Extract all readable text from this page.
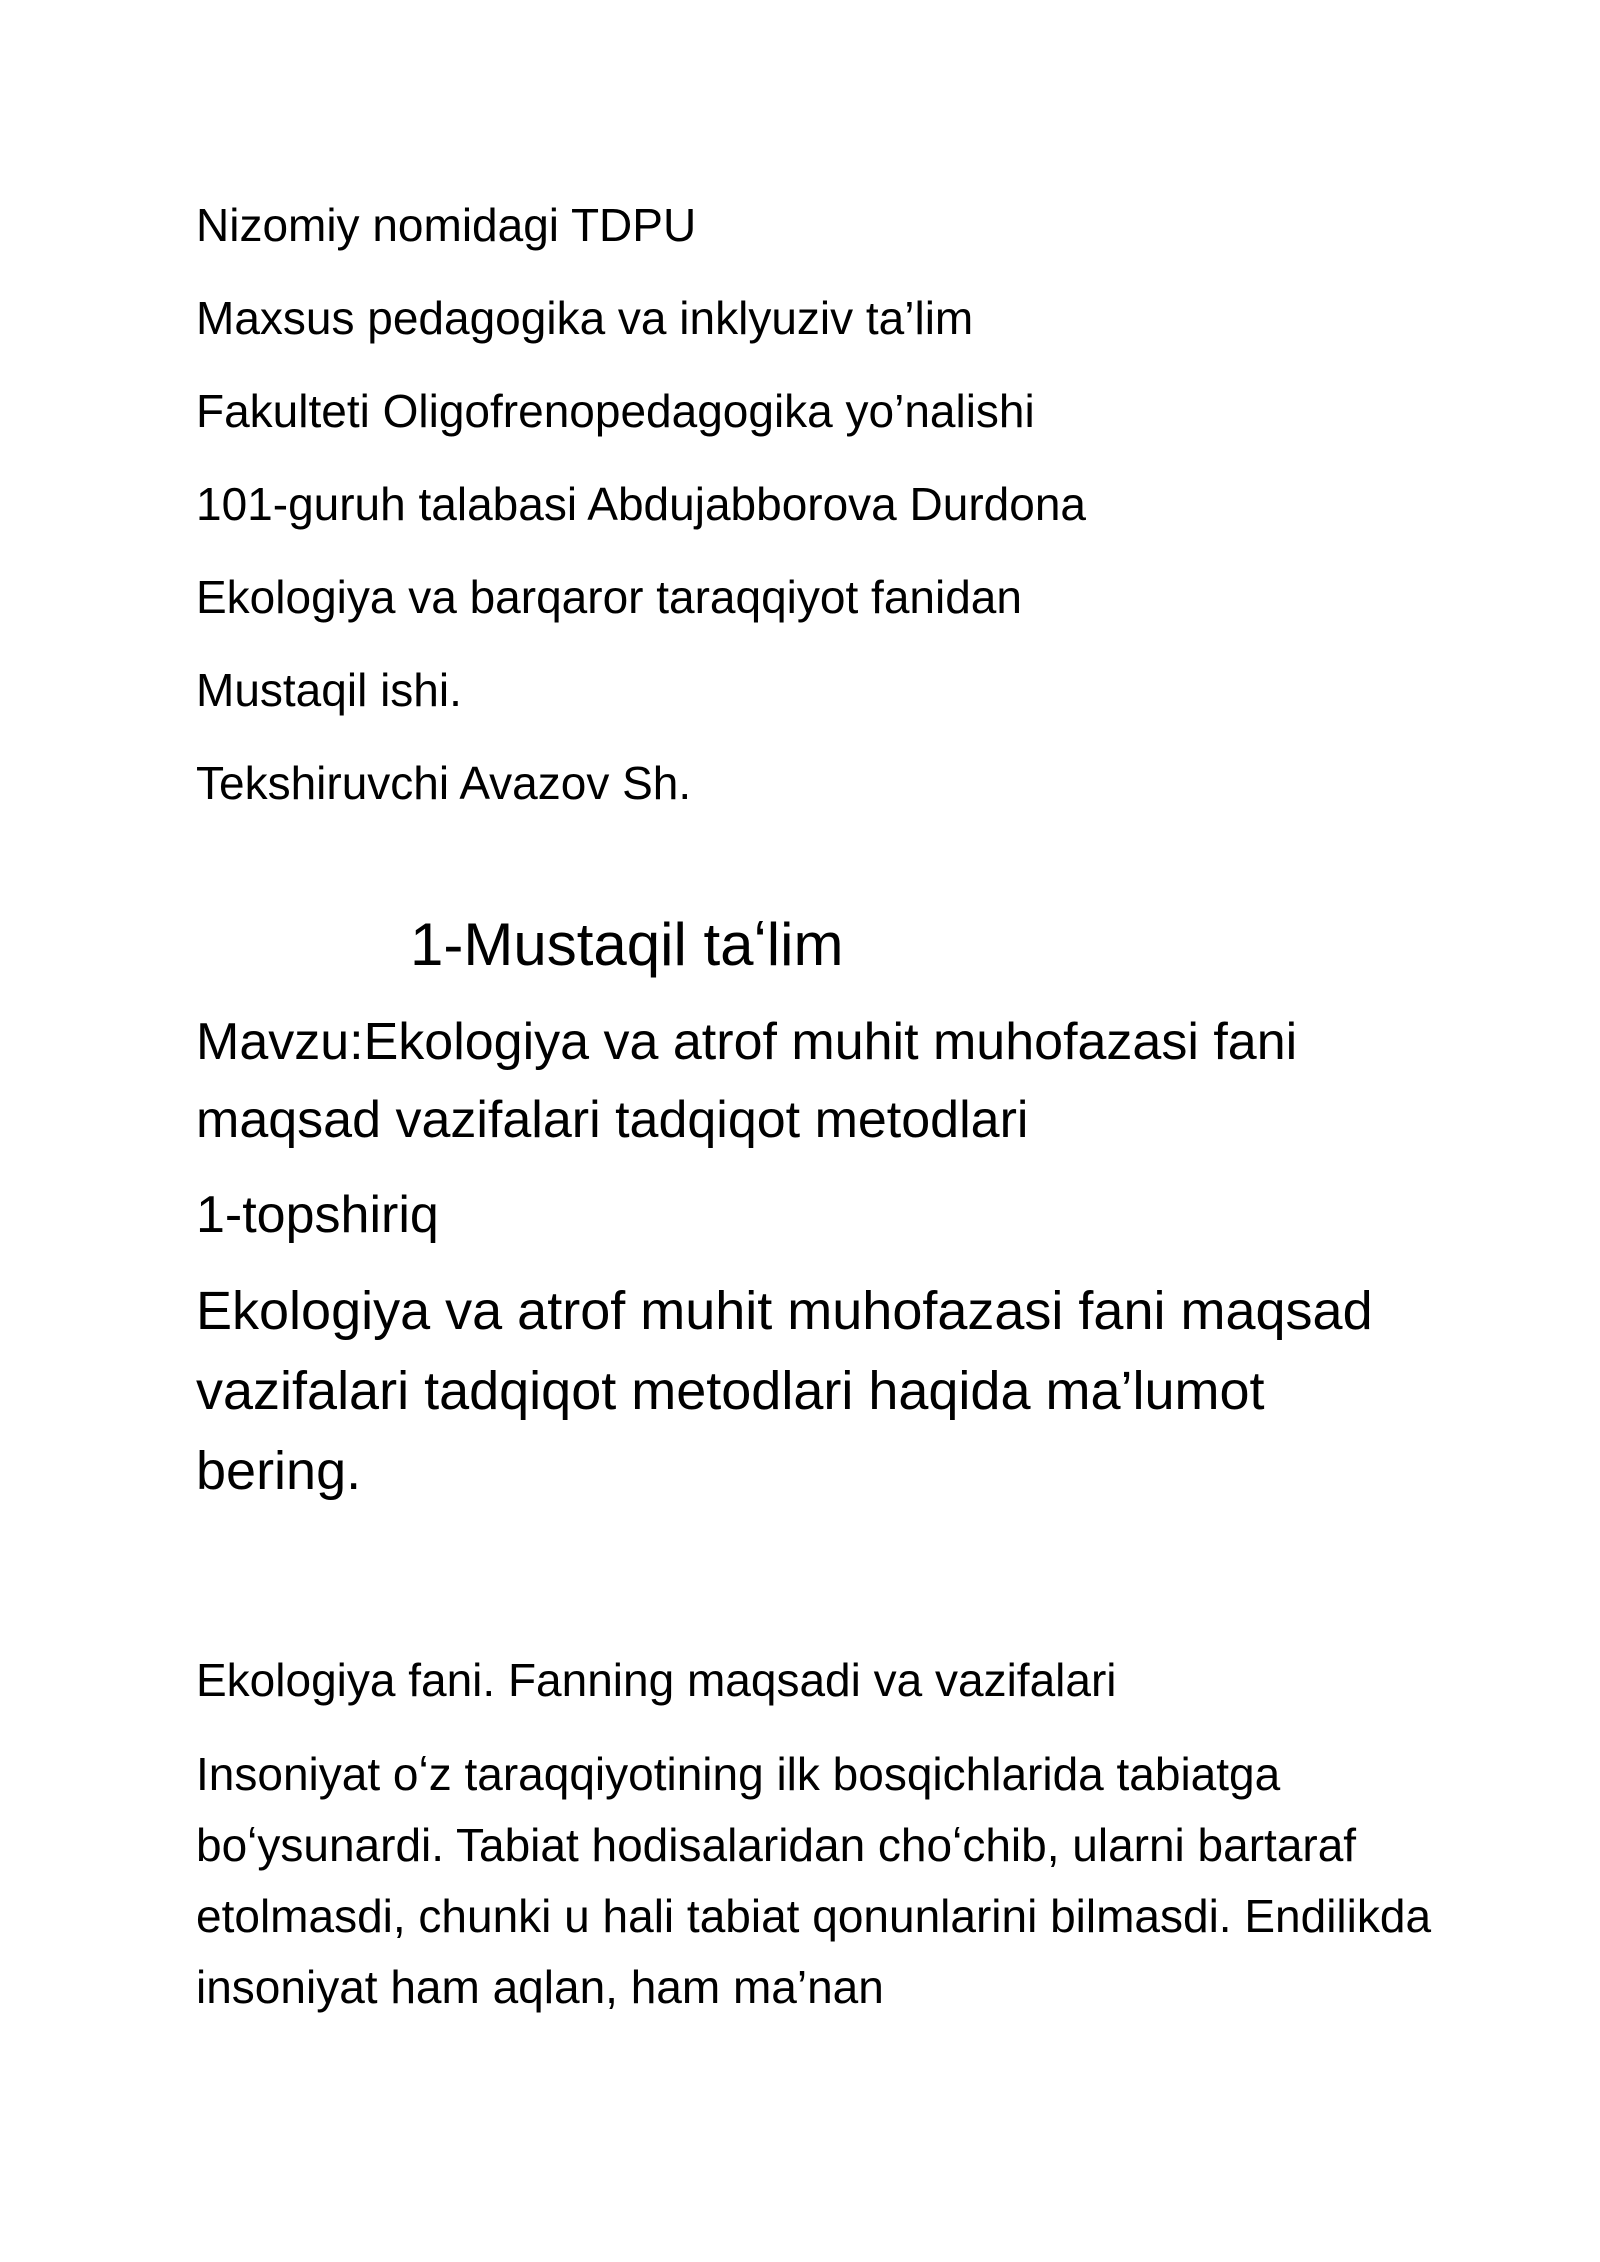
Nizomiy nomidagi TDPU
Maxsus pedagogika va inklyuziv ta’lim
Fakulteti Oligofrenopedagogika yo’nalishi
101-guruh talabasi Abdujabborova Durdona
Ekologiya va barqaror taraqqiyot fanidan
Mustaqil ishi.
Tekshiruvchi Avazov Sh.
1-Mustaqil taʻlim
Mavzu:Ekologiya va atrof muhit muhofazasi fani maqsad vazifalari tadqiqot metodlari
1-topshiriq
Ekologiya va atrof muhit muhofazasi fani maqsad vazifalari tadqiqot metodlari haqida ma’lumot bering.
Ekologiya fani. Fanning maqsadi va vazifalari
Insoniyat oʻz taraqqiyotining ilk bosqichlarida tabiatga boʻysunardi. Tabiat hodisalaridan choʻchib, ularni bartaraf etolmasdi, chunki u hali tabiat qonunlarini bilmasdi. Endilikda insoniyat ham aqlan, ham ma’nan
